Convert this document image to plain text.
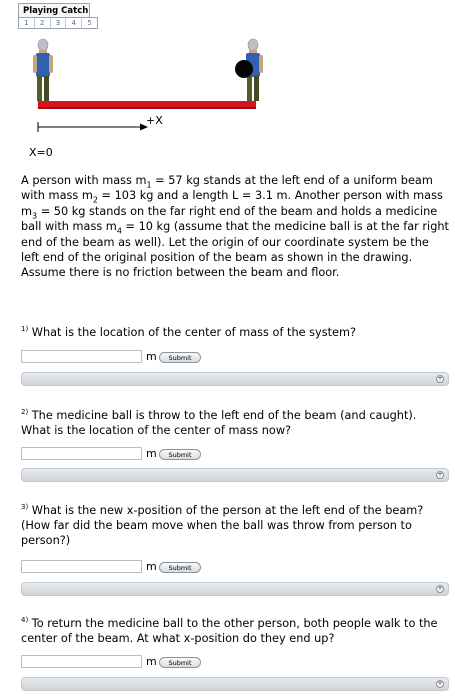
Playing Catch
1	2	3	4	5
+X
X=0
A person with mass $m_1 = 57$ kg stands at the left end of a uniform beam with mass $m_2 = 103$ kg and a length L = 3.1 m. Another person with mass $m_3 = 50$ kg stands on the far right end of the beam and holds a medicine ball with mass $m_4 = 10$ kg (assume that the medicine ball is at the far right end of the beam as well). Let the origin of our coordinate system be the left end of the original position of the beam as shown in the drawing. Assume there is no friction between the beam and floor.
$^{1)}$ What is the location of the center of mass of the system?
m	Submit
+
$^{2)}$ The medicine ball is throw to the left end of the beam (and caught). What is the location of the center of mass now?
m	Submit
+
$^{3)}$ What is the new x-position of the person at the left end of the beam? (How far did the beam move when the ball was throw from person to person?)
m	Submit
+
$^{4)}$ To return the medicine ball to the other person, both people walk to the center of the beam. At what x-position do they end up?
m	Submit
+
